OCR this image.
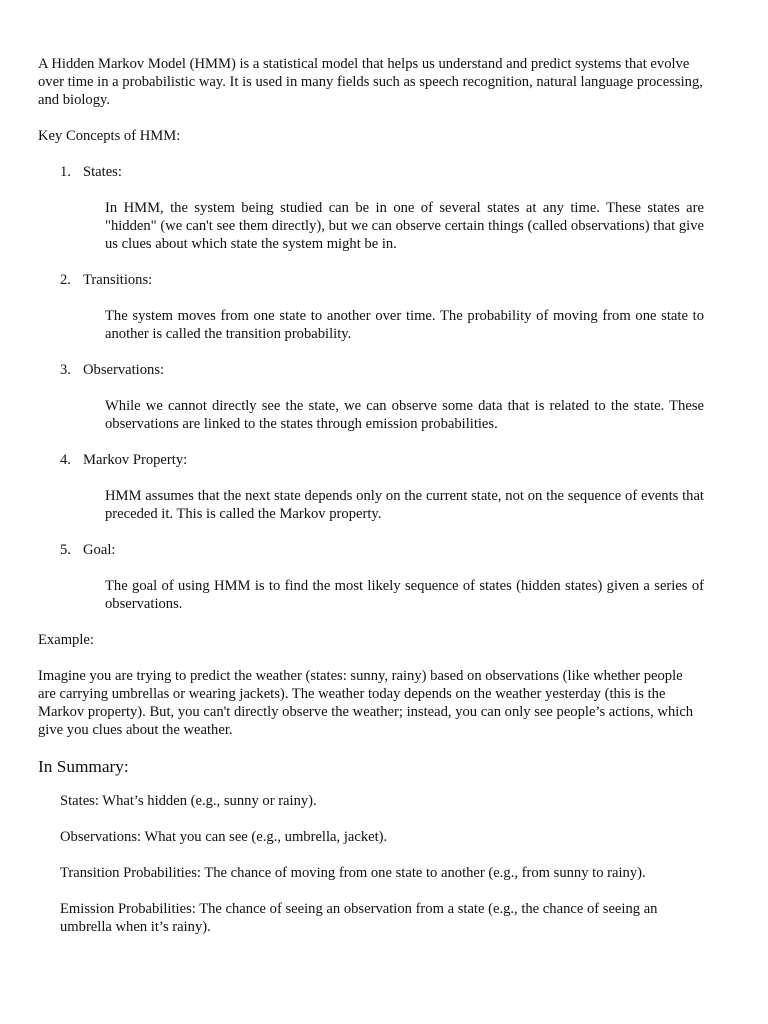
A Hidden Markov Model (HMM) is a statistical model that helps us understand and predict systems that evolve over time in a probabilistic way. It is used in many fields such as speech recognition, natural language processing, and biology.

Key Concepts of HMM:

1. States:

In HMM, the system being studied can be in one of several states at any time. These states are "hidden" (we can't see them directly), but we can observe certain things (called observations) that give us clues about which state the system might be in.

2. Transitions:

The system moves from one state to another over time. The probability of moving from one state to another is called the transition probability.

3. Observations:

While we cannot directly see the state, we can observe some data that is related to the state. These observations are linked to the states through emission probabilities.

4. Markov Property:

HMM assumes that the next state depends only on the current state, not on the sequence of events that preceded it. This is called the Markov property.

5. Goal:

The goal of using HMM is to find the most likely sequence of states (hidden states) given a series of observations.

Example:

Imagine you are trying to predict the weather (states: sunny, rainy) based on observations (like whether people are carrying umbrellas or wearing jackets). The weather today depends on the weather yesterday (this is the Markov property). But, you can't directly observe the weather; instead, you can only see people’s actions, which give you clues about the weather.

In Summary:

States: What’s hidden (e.g., sunny or rainy).
Observations: What you can see (e.g., umbrella, jacket).
Transition Probabilities: The chance of moving from one state to another (e.g., from sunny to rainy).
Emission Probabilities: The chance of seeing an observation from a state (e.g., the chance of seeing an umbrella when it’s rainy).
